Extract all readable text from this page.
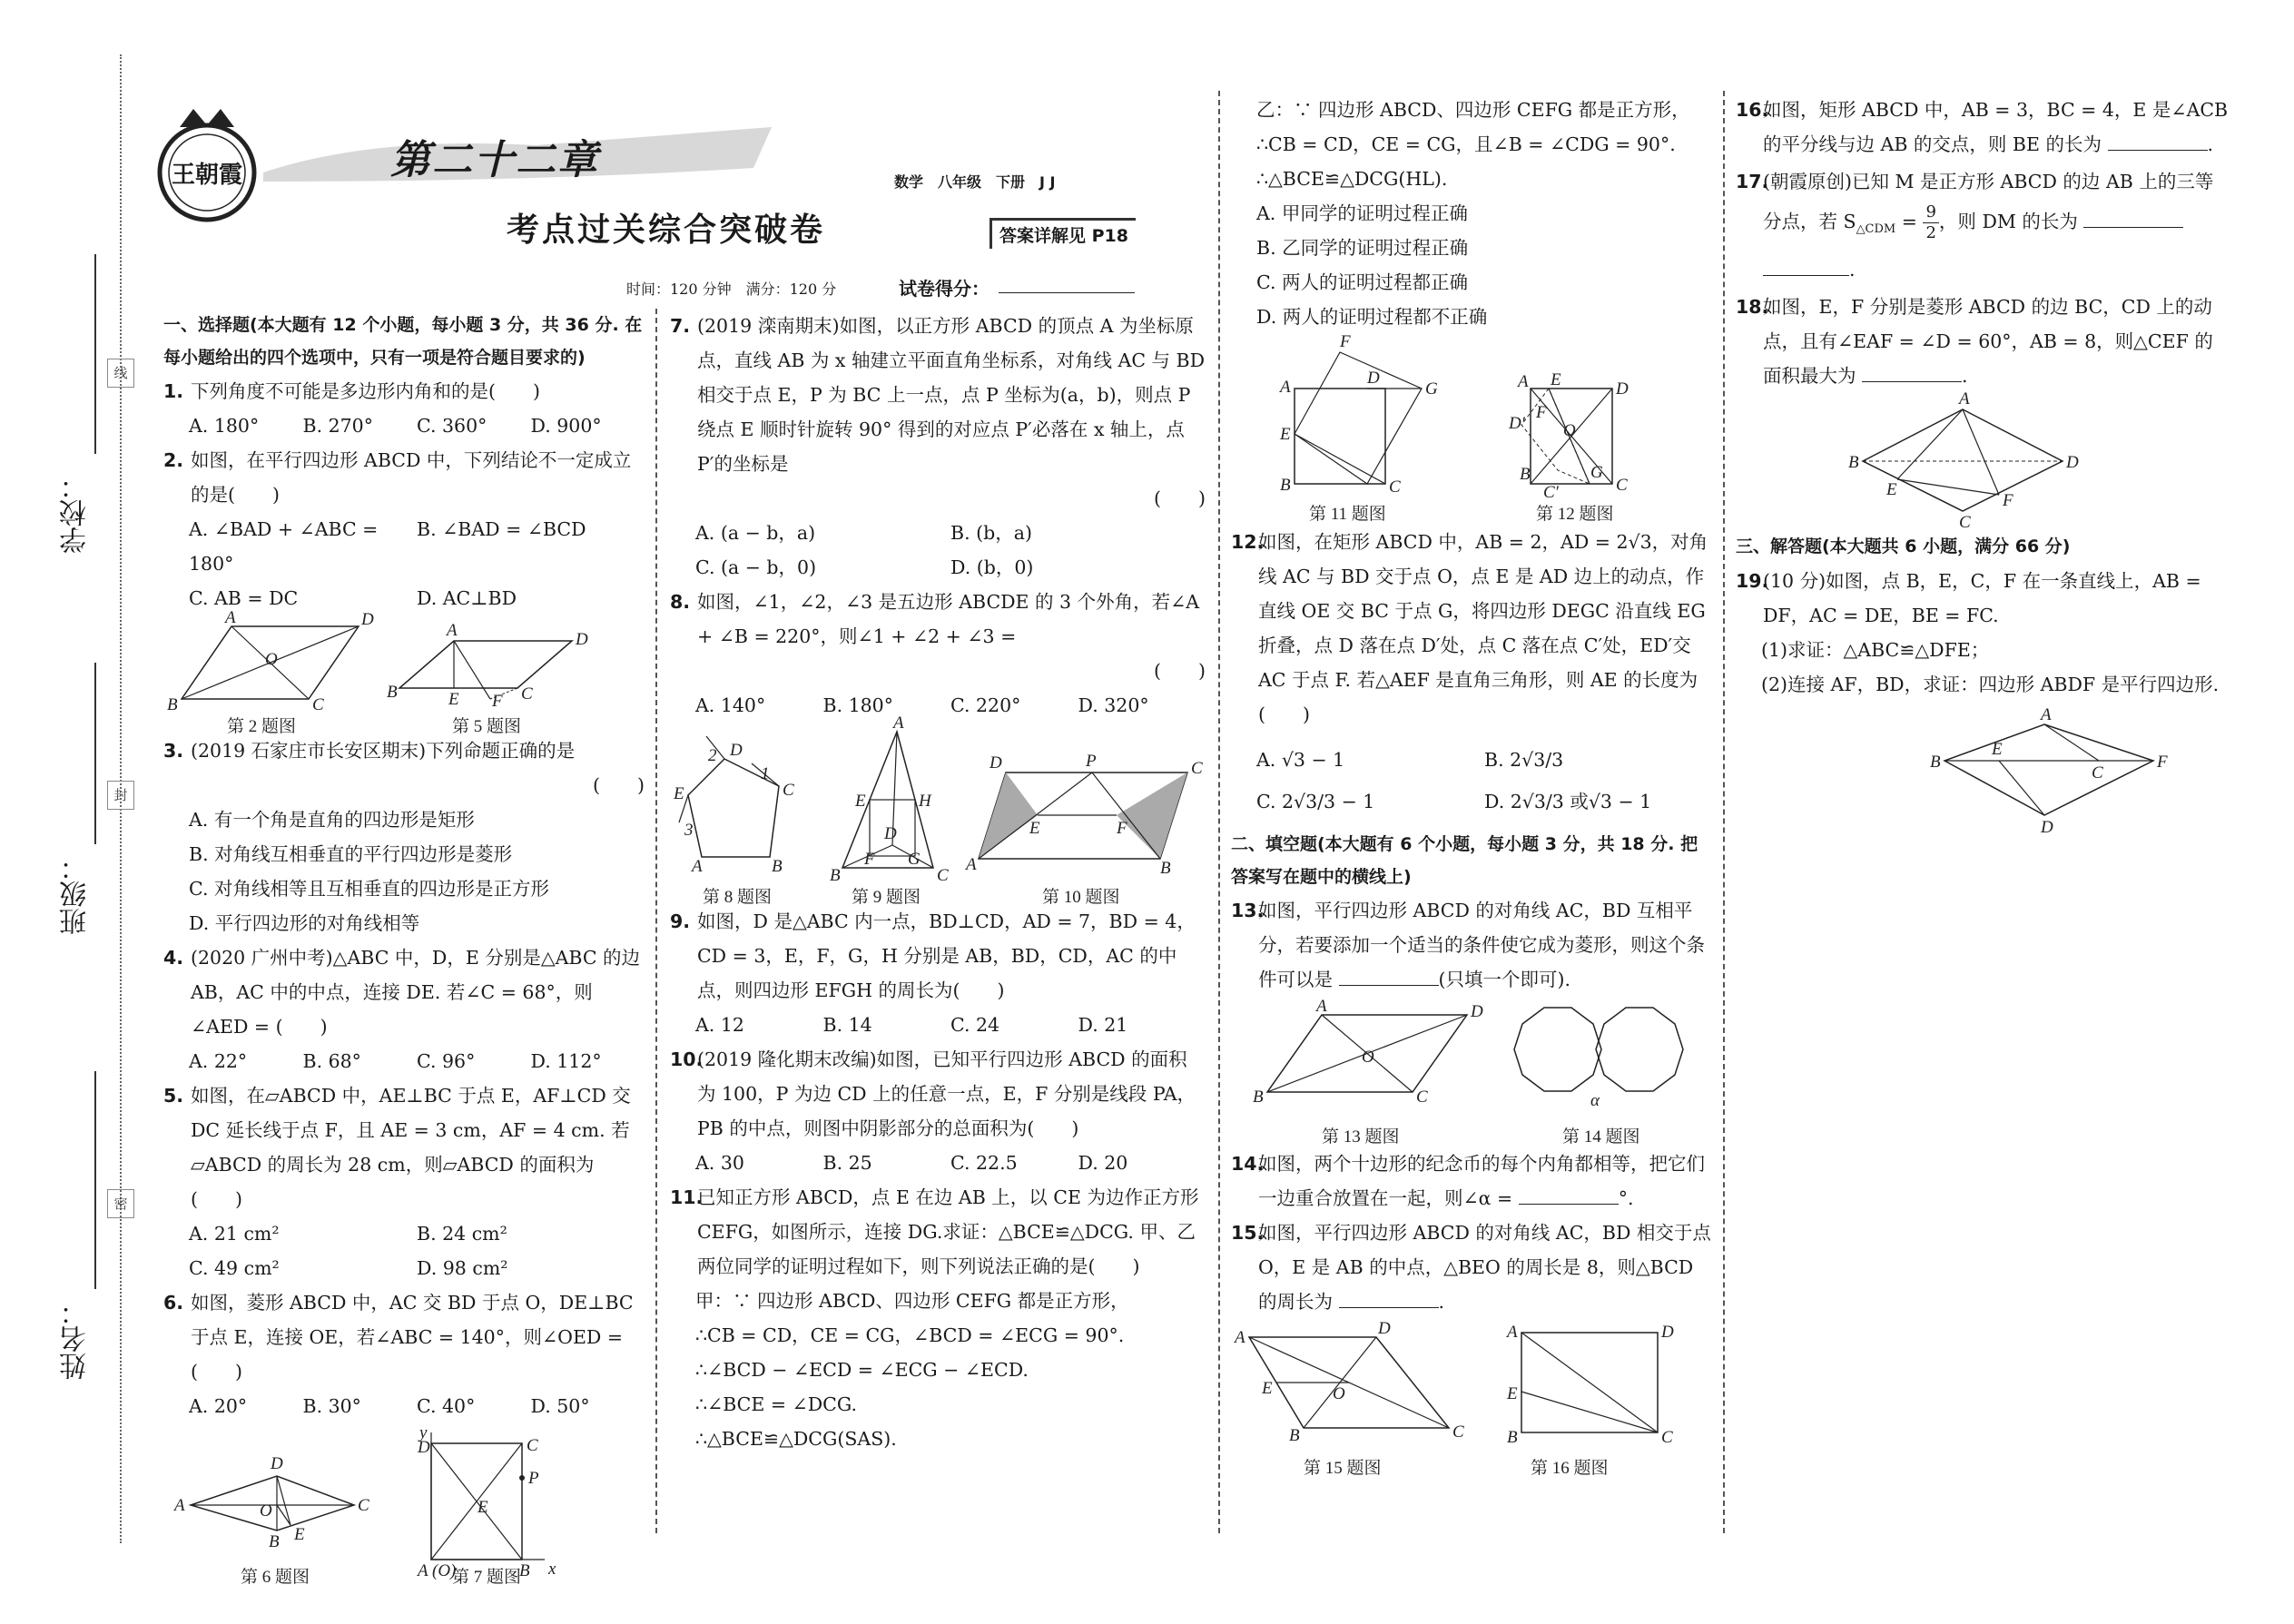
学校：
班级：
姓名：
线
封
密
王朝霞	第二十二章
考点过关综合突破卷
数学　八年级　下册　J J
答案详解见 P18
时间：120 分钟　满分：120 分	试卷得分：

一、选择题(本大题有 12 个小题，每小题 3 分，共 36 分. 在每小题给出的四个选项中，只有一项是符合题目要求的)

1. 下列角度不可能是多边形内角和的是(　　)
A. 180°	B. 270°	C. 360°	D. 900°
2. 如图，在平行四边形 ABCD 中，下列结论不一定成立的是(　　)
A. ∠BAD + ∠ABC = 180°
B. ∠BAD = ∠BCD
C. AB = DC	D. AC⊥BD
A	D
B	C
O
第 2 题图
A	D
B	E F C
第 5 题图
3. (2019 石家庄市长安区期末)下列命题正确的是

(　　)

A. 有一个角是直角的四边形是矩形

B. 对角线互相垂直的平行四边形是菱形

C. 对角线相等且互相垂直的四边形是正方形

D. 平行四边形的对角线相等

4. (2020 广州中考)△ABC 中，D，E 分别是△ABC 的边 AB，AC 中的中点，连接 DE. 若∠C = 68°，则∠AED = (　　)
A. 22°	B. 68°	C. 96°	D. 112°
5. 如图，在▱ABCD 中，AE⊥BC 于点 E，AF⊥CD 交 DC 延长线于点 F，且 AE = 3 cm，AF = 4 cm. 若▱ABCD 的周长为 28 cm，则▱ABCD 的面积为(　　)
A. 21 cm²	B. 24 cm²
C. 49 cm²	D. 98 cm²
6. 如图，菱形 ABCD 中，AC 交 BD 于点 O，DE⊥BC 于点 E，连接 OE，若∠ABC = 140°，则∠OED = (　　)
A. 20°	B. 30°	C. 40°	D. 50°
A
D
C
B
O
E
第 6 题图
y
D	C
P
E
A (O)	B x
第 7 题图
7. (2019 滦南期末)如图，以正方形 ABCD 的顶点 A 为坐标原点，直线 AB 为 x 轴建立平面直角坐标系，对角线 AC 与 BD 相交于点 E，P 为 BC 上一点，点 P 坐标为(a，b)，则点 P 绕点 E 顺时针旋转 90° 得到的对应点 P′必落在 x 轴上，点 P′的坐标是

(　　)

A. (a − b，a)	B. (b，a)
C. (a − b，0)	D. (b，0)
8. 如图，∠1，∠2，∠3 是五边形 ABCDE 的 3 个外角，若∠A + ∠B = 220°，则∠1 + ∠2 + ∠3 =

(　　)

A. 140°	B. 180°	C. 220°	D. 320°
D
C
B
A
E
2
1
3
第 8 题图
A
E	H
D
F G
B	C
第 9 题图
D	P	C
E	F
A	B
第 10 题图
9. 如图，D 是△ABC 内一点，BD⊥CD，AD = 7，BD = 4，CD = 3，E，F，G，H 分别是 AB，BD，CD，AC 的中点，则四边形 EFGH 的周长为(　　)
A. 12	B. 14	C. 24	D. 21
10.
(2019 隆化期末改编)如图，已知平行四边形 ABCD 的面积为 100，P 为边 CD 上的任意一点，E，F 分别是线段 PA，PB 的中点，则图中阴影部分的总面积为(　　)
A. 30	B. 25	C. 22.5	D. 20
11.
已知正方形 ABCD，点 E 在边 AB 上，以 CE 为边作正方形 CEFG，如图所示，连接 DG.求证：△BCE≌△DCG. 甲、乙两位同学的证明过程如下，则下列说法正确的是(　　)

甲：∵ 四边形 ABCD、四边形 CEFG 都是正方形，

∴CB = CD，CE = CG，∠BCD = ∠ECG = 90°.

∴∠BCD − ∠ECD = ∠ECG − ∠ECD.

∴∠BCE = ∠DCG.

∴△BCE≌△DCG(SAS).

乙：∵ 四边形 ABCD、四边形 CEFG 都是正方形，

∴CB = CD，CE = CG，且∠B = ∠CDG = 90°.

∴△BCE≌△DCG(HL).

A. 甲同学的证明过程正确

B. 乙同学的证明过程正确

C. 两人的证明过程都正确

D. 两人的证明过程都不正确

A
F
D
G
E
B	C
第 11 题图
A E	D
D′ O
F
G
B
C
C′
第 12 题图
12.
如图，在矩形 ABCD 中，AB = 2，AD = 2√3，对角线 AC 与 BD 交于点 O，点 E 是 AD 边上的动点，作直线 OE 交 BC 于点 G，将四边形 DEGC 沿直线 EG 折叠，点 D 落在点 D′处，点 C 落在点 C′处，ED′交 AC 于点 F. 若△AEF 是直角三角形，则 AE 的长度为(　　)
A. √3 − 1	B. 2√3/3
C. 2√3/3 − 1	D. 2√3/3 或√3 − 1

二、填空题(本大题有 6 个小题，每小题 3 分，共 18 分. 把答案写在题中的横线上)

13.
如图，平行四边形 ABCD 的对角线 AC，BD 互相平分，若要添加一个适当的条件使它成为菱形，则这个条件可以是	(只填一个即可).
A	D
B	C
O
第 13 题图
α
第 14 题图
14.
如图，两个十边形的纪念币的每个内角都相等，把它们一边重合放置在一起，则∠α =	°.
15.
如图，平行四边形 ABCD 的对角线 AC，BD 相交于点 O，E 是 AB 的中点，△BEO 的周长是 8，则△BCD 的周长为	.
A	D
E	O
B	C
第 15 题图
A	D
E
B	C
第 16 题图
16.
如图，矩形 ABCD 中，AB = 3，BC = 4，E 是∠ACB 的平分线与边 AB 的交点，则 BE 的长为	.
17.
(朝霞原创)已知 M 是正方形 ABCD 的边 AB 上的三等分点，若 $S_{\triangle CDM} = \frac{9}{2}$ ，则 DM 的长为
.
18.
如图，E，F 分别是菱形 ABCD 的边 BC，CD 上的动点，且有∠EAF = ∠D = 60°，AB = 8，则△CEF 的面积最大为	.
A
B	D
E
F
C

三、解答题(本大题共 6 小题，满分 66 分)

19.
(10 分)如图，点 B，E，C，F 在一条直线上，AB = DF，AC = DE，BE = FC.

(1)求证：△ABC≌△DFE；

(2)连接 AF，BD，求证：四边形 ABDF 是平行四边形.

A
B
E
C
F
D
